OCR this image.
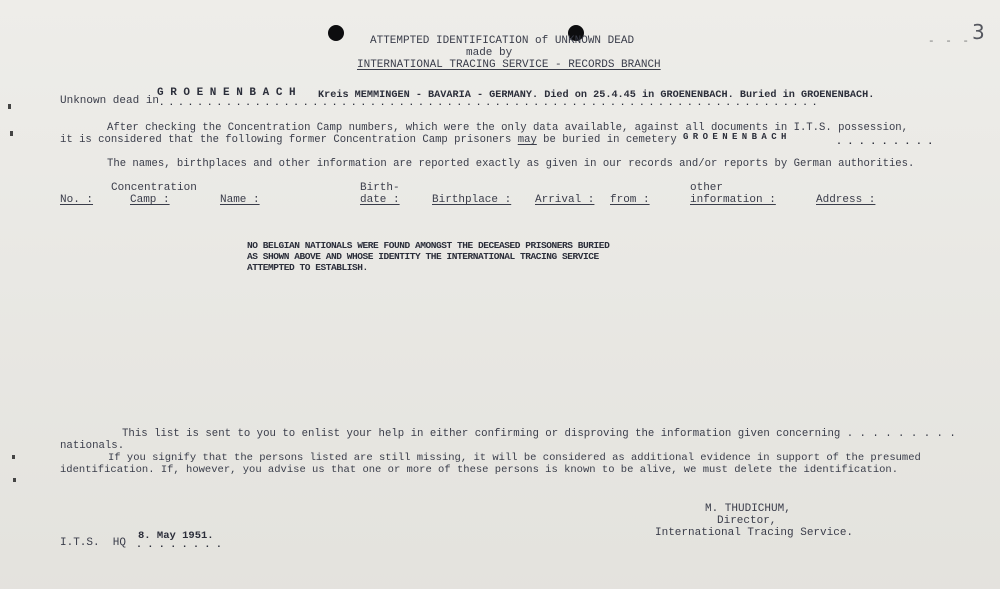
3
- - -
ATTEMPTED IDENTIFICATION of UNKNOWN DEAD
made by
INTERNATIONAL TRACING SERVICE - RECORDS BRANCH
Unknown dead in
G R O E N E N B A C H Kreis MEMMINGEN - BAVARIA - GERMANY. Died on 25.4.45 in GROENENBACH. Buried in GROENENBACH.
. . . . . . . . . . . . . . . . . . . . . . . . . . . . . . . . . . . . . . . . . . . . . . . . . . . . . . . . . . . . . . . . . . . . .
After checking the Concentration Camp numbers, which were the only data available, against all documents in I.T.S. possession,
it is considered that the following former Concentration Camp prisoners may be buried in cemetery G R O E N E N B A C H	. . . . . . . . .
The names, birthplaces and other information are reported exactly as given in our records and/or reports by German authorities.
Concentration	Birth-	other
No. :	Camp :	Name :	date :	Birthplace : Arrival : from :	information :	Address :
NO BELGIAN NATIONALS WERE FOUND AMONGST THE DECEASED PRISONERS BURIED
AS SHOWN ABOVE AND WHOSE IDENTITY THE INTERNATIONAL TRACING SERVICE
ATTEMPTED TO ESTABLISH.
This list is sent to you to enlist your help in either confirming or disproving the information given concerning . . . . . . . . .
nationals.
If you signify that the persons listed are still missing, it will be considered as additional evidence in support of the presumed
identification. If, however, you advise us that one or more of these persons is known to be alive, we must delete the identification.
M. THUDICHUM,
Director,
International Tracing Service.
I.T.S.  HQ
8. May 1951.
. . . . . . . .
